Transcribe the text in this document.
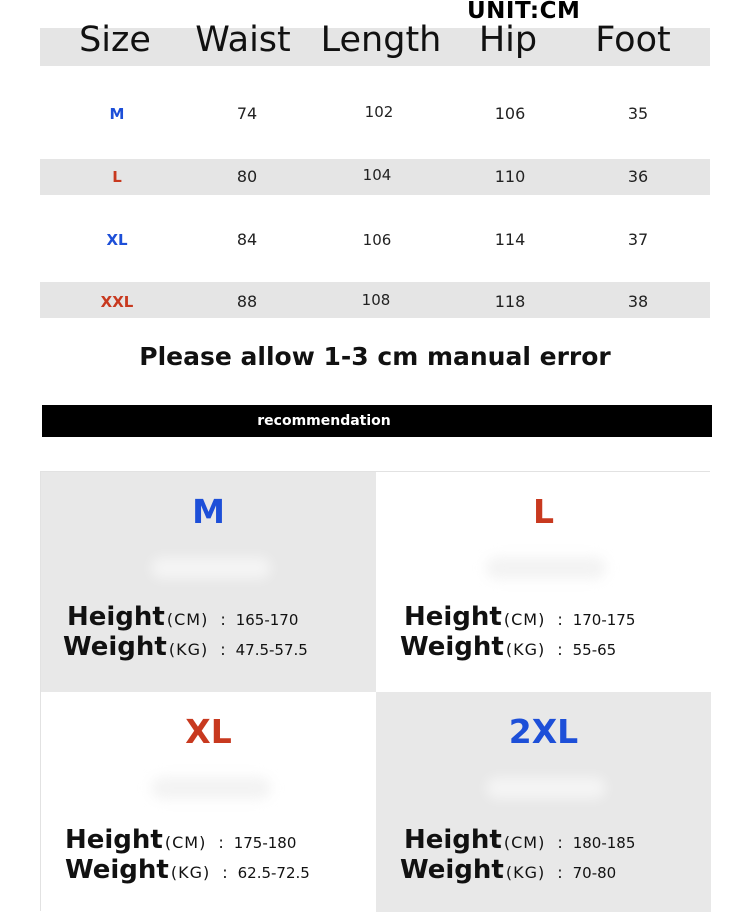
UNIT:CM
Size Waist Length Hip Foot
M	74	102	106	35
L	80	104	110	36
XL	84	106	114	37
XXL	88	108	118	38
Please allow 1-3 cm manual error
recommendation
M
Height (CM) : 165-170
Weight (KG) : 47.5-57.5
L
Height (CM) : 170-175
Weight (KG) : 55-65
XL
Height (CM) : 175-180
Weight (KG) : 62.5-72.5
2XL
Height (CM) : 180-185
Weight (KG) : 70-80
